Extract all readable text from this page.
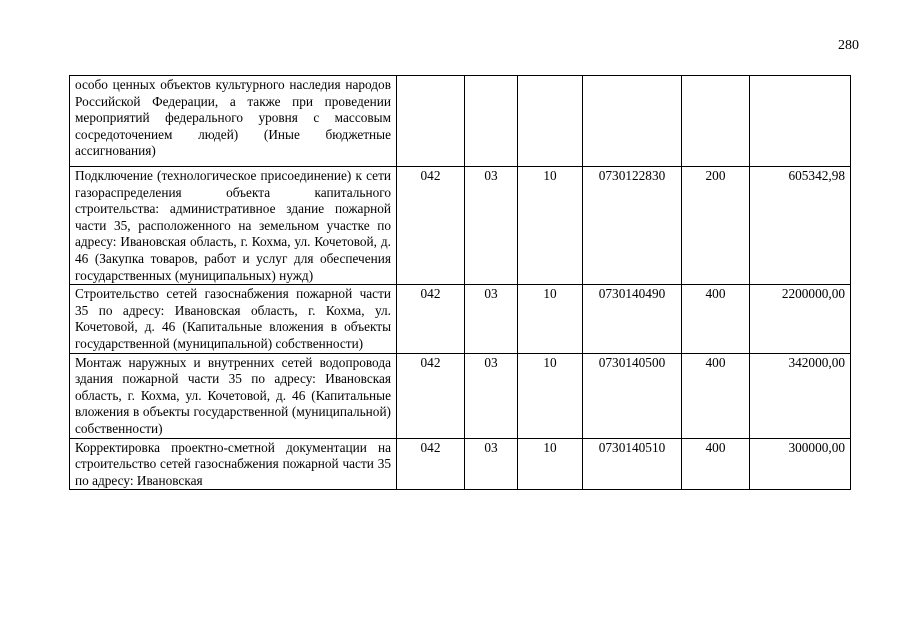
280
особо ценных объектов культурного наследия народов Российской Федерации, а также при проведении мероприятий федерального уровня с массовым сосредоточением людей) (Иные бюджетные ассигнования)						
Подключение (технологическое присоединение) к сети газораспределения объекта капитального строительства: административное здание пожарной части 35, расположенного на земельном участке по адресу: Ивановская область, г. Кохма, ул. Кочетовой, д. 46 (Закупка товаров, работ и услуг для обеспечения государственных (муниципальных) нужд)	042	03	10	0730122830	200	605342,98
Строительство сетей газоснабжения пожарной части 35 по адресу: Ивановская область, г. Кохма, ул. Кочетовой, д. 46 (Капитальные вложения в объекты государственной (муниципальной) собственности)	042	03	10	0730140490	400	2200000,00
Монтаж наружных и внутренних сетей водопровода здания пожарной части 35 по адресу: Ивановская область, г. Кохма, ул. Кочетовой, д. 46 (Капитальные вложения в объекты государственной (муниципальной) собственности)	042	03	10	0730140500	400	342000,00
Корректировка проектно-сметной документации на строительство сетей газоснабжения пожарной части 35 по адресу: Ивановская	042	03	10	0730140510	400	300000,00
